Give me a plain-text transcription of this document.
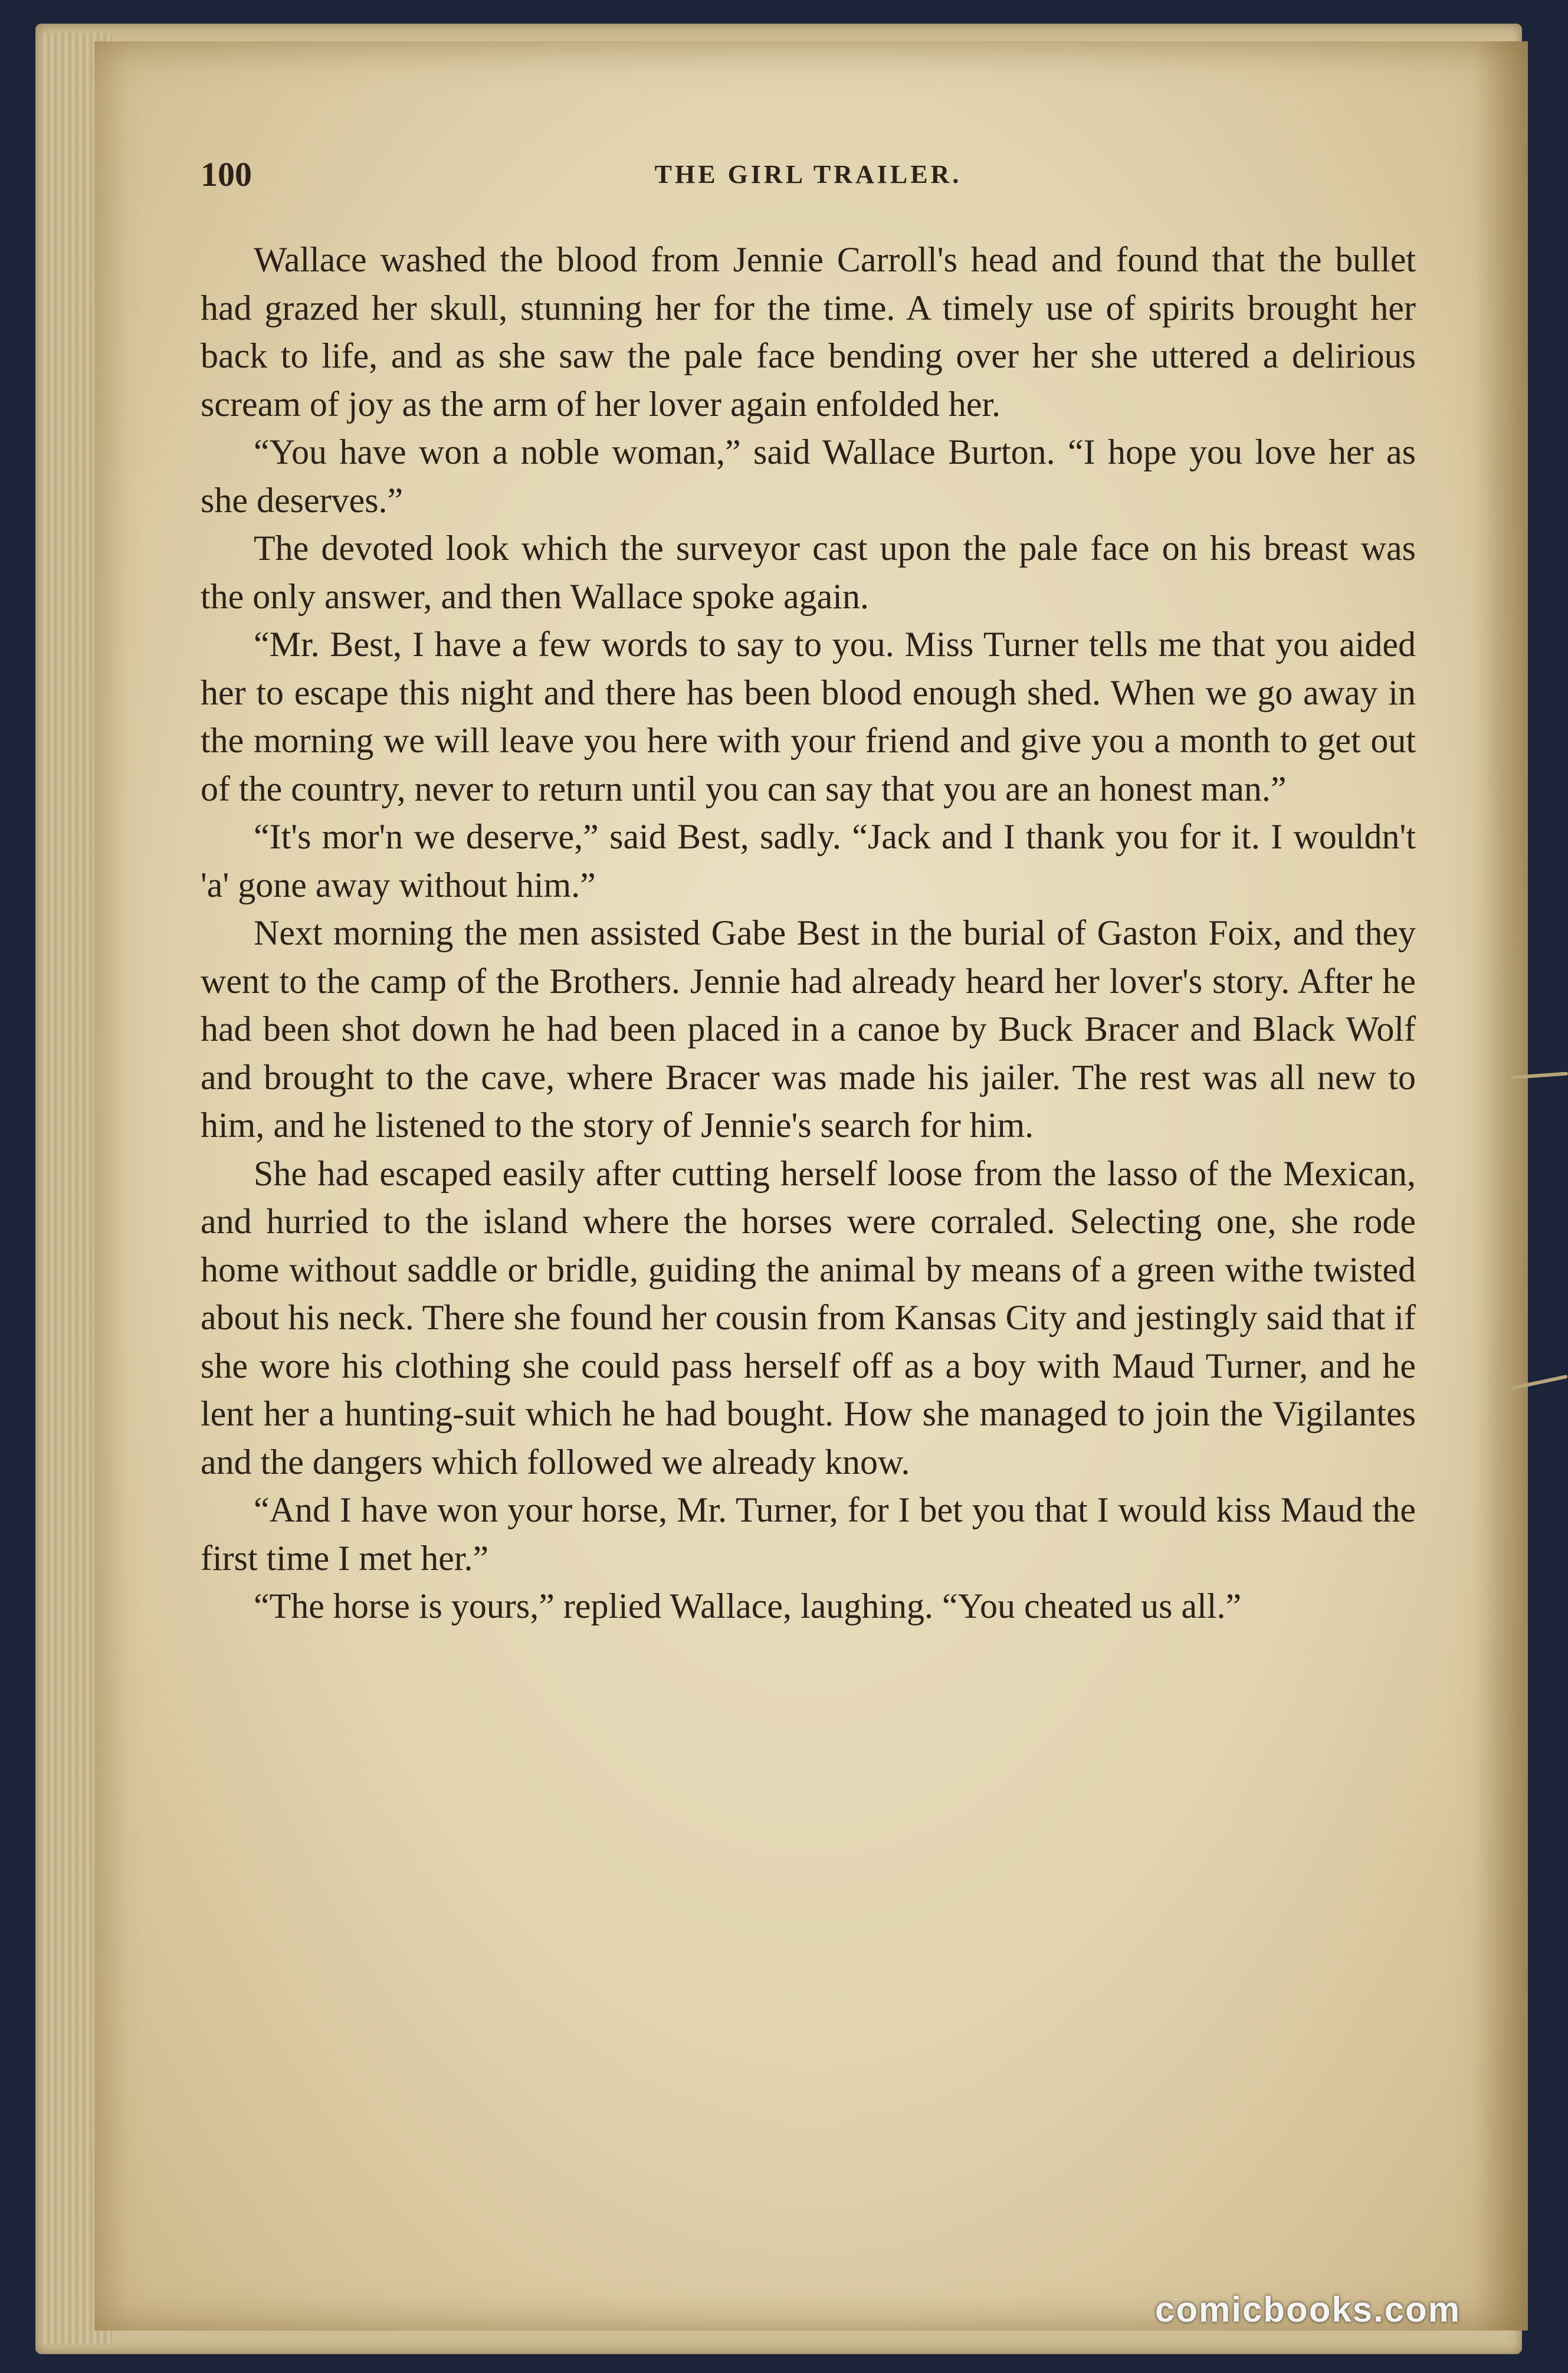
100	THE GIRL TRAILER.

Wallace washed the blood from Jennie Carroll's head and found that the bullet had grazed her skull, stunning her for the time. A timely use of spirits brought her back to life, and as she saw the pale face bending over her she uttered a delirious scream of joy as the arm of her lover again enfolded her.

“You have won a noble woman,” said Wallace Burton. “I hope you love her as she deserves.”

The devoted look which the surveyor cast upon the pale face on his breast was the only answer, and then Wallace spoke again.

“Mr. Best, I have a few words to say to you. Miss Turner tells me that you aided her to escape this night and there has been blood enough shed. When we go away in the morning we will leave you here with your friend and give you a month to get out of the country, never to return until you can say that you are an honest man.”

“It's mor'n we deserve,” said Best, sadly. “Jack and I thank you for it. I wouldn't 'a' gone away without him.”

Next morning the men assisted Gabe Best in the burial of Gaston Foix, and they went to the camp of the Brothers. Jennie had already heard her lover's story. After he had been shot down he had been placed in a canoe by Buck Bracer and Black Wolf and brought to the cave, where Bracer was made his jailer. The rest was all new to him, and he listened to the story of Jennie's search for him.

She had escaped easily after cutting herself loose from the lasso of the Mexican, and hurried to the island where the horses were corraled. Selecting one, she rode home without saddle or bridle, guiding the animal by means of a green withe twisted about his neck. There she found her cousin from Kansas City and jestingly said that if she wore his clothing she could pass herself off as a boy with Maud Turner, and he lent her a hunting-suit which he had bought. How she managed to join the Vigilantes and the dangers which followed we already know.

“And I have won your horse, Mr. Turner, for I bet you that I would kiss Maud the first time I met her.”

“The horse is yours,” replied Wallace, laughing. “You cheated us all.”

comicbooks.com
